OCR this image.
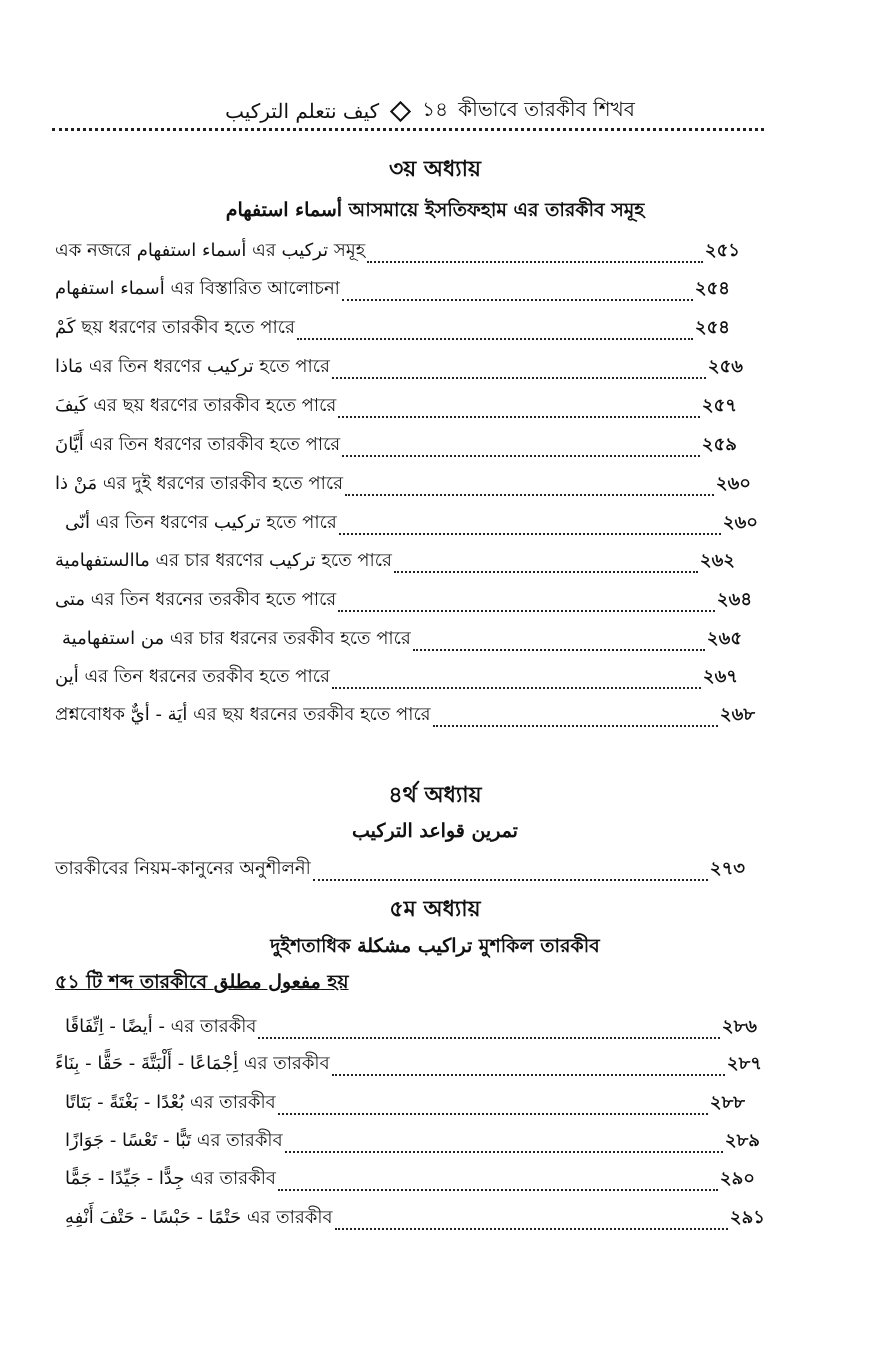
كيف نتعلم التركيب ১৪ কীভাবে তারকীব শিখব
৩য় অধ্যায়
أسماء استفهام আসমায়ে ইসতিফহাম এর তারকীব সমূহ
এক নজরে أسماء استفهام এর تركيب সমূহ	২৫১
أسماء استفهام এর বিস্তারিত আলোচনা	২৫৪
كَمْ ছয় ধরণের তারকীব হতে পারে	২৫৪
مَاذا এর তিন ধরণের تركيب হতে পারে	২৫৬
كَيفَ এর ছয় ধরণের তারকীব হতে পারে	২৫৭
أَيَّانَ এর তিন ধরণের তারকীব হতে পারে	২৫৯
مَنْ ذا এর দুই ধরণের তারকীব হতে পারে	২৬০
أنّى এর তিন ধরণের تركيب হতে পারে	২৬০
ماالستفهامية এর চার ধরণের تركيب হতে পারে	২৬২
متى এর তিন ধরনের তরকীব হতে পারে	২৬৪
من استفهامية এর চার ধরনের তরকীব হতে পারে	২৬৫
أين এর তিন ধরনের তরকীব হতে পারে	২৬৭
প্রশ্নবোধক أيَة - أيٌّ এর ছয় ধরনের তরকীব হতে পারে	২৬৮
৪র্থ অধ্যায়
تمرين قواعد التركيب
তারকীবের নিয়ম-কানুনের অনুশীলনী	২৭৩
৫ম অধ্যায়
দুইশতাধিক تراكيب مشكلة মুশকিল তারকীব
৫১ টি শব্দ তারকীবে مفعول مطلق হয়
أيضًا - اِتِّفَاقًا - এর তারকীব	২৮৬
أِجْمَاعًا - أَلْبَتَّةَ - حَقًّا - بِنَاءً এর তারকীব	২৮৭
بُعْدًا - بَغْتَةً - بَتَاتًا এর তারকীব	২৮৮
تَبًّا - تَعْسًا - جَوَازًا এর তারকীব	২৮৯
جِدًّا - جَيِّدًا - جَمًّا এর তারকীব	২৯০
حَتْمًا - حَبْسًا - حَتْفَ أَنْفِهِ এর তারকীব	২৯১
